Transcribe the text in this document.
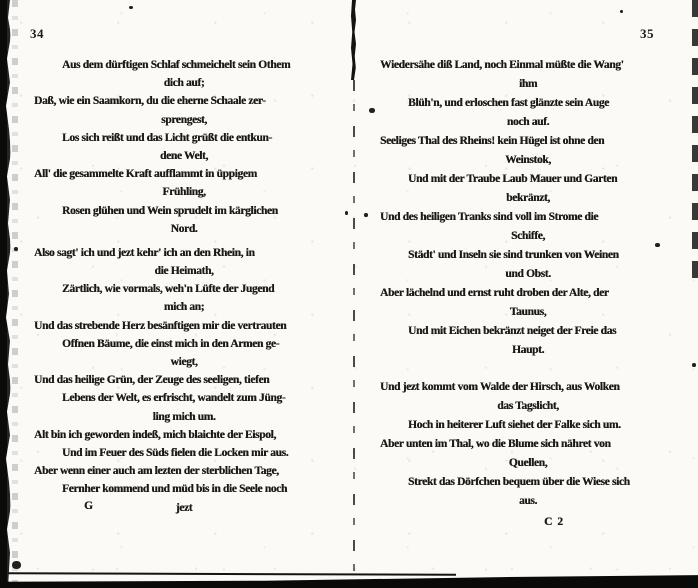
34
Aus dem dürftigen Schlaf schmeichelt sein Othem
dich auf;
Daß, wie ein Saamkorn, du die eherne Schaale zer-
sprengest,
Los sich reißt und das Licht grüßt die entkun-
dene Welt,
All' die gesammelte Kraft aufflammt in üppigem
Frühling,
Rosen glühen und Wein sprudelt im kärglichen
Nord.
Also sagt' ich und jezt kehr' ich an den Rhein, in
die Heimath,
Zärtlich, wie vormals, weh'n Lüfte der Jugend
mich an;
Und das strebende Herz besänftigen mir die vertrauten
Offnen Bäume, die einst mich in den Armen ge-
wiegt,
Und das heilige Grün, der Zeuge des seeligen, tiefen
Lebens der Welt, es erfrischt, wandelt zum Jüng-
ling mich um.
Alt bin ich geworden indeß, mich blaichte der Eispol,
Und im Feuer des Süds fielen die Locken mir aus.
Aber wenn einer auch am lezten der sterblichen Tage,
Fernher kommend und müd bis in die Seele noch
jezt
G
35
Wiedersähe diß Land, noch Einmal müßte die Wang'
ihm
Blüh'n, und erloschen fast glänzte sein Auge
noch auf.
Seeliges Thal des Rheins! kein Hügel ist ohne den
Weinstok,
Und mit der Traube Laub Mauer und Garten
bekränzt,
Und des heiligen Tranks sind voll im Strome die
Schiffe,
Städt' und Inseln sie sind trunken von Weinen
und Obst.
Aber lächelnd und ernst ruht droben der Alte, der
Taunus,
Und mit Eichen bekränzt neiget der Freie das
Haupt.
Und jezt kommt vom Walde der Hirsch, aus Wolken
das Tagslicht,
Hoch in heiterer Luft siehet der Falke sich um.
Aber unten im Thal, wo die Blume sich nähret von
Quellen,
Strekt das Dörfchen bequem über die Wiese sich
aus.
C 2
